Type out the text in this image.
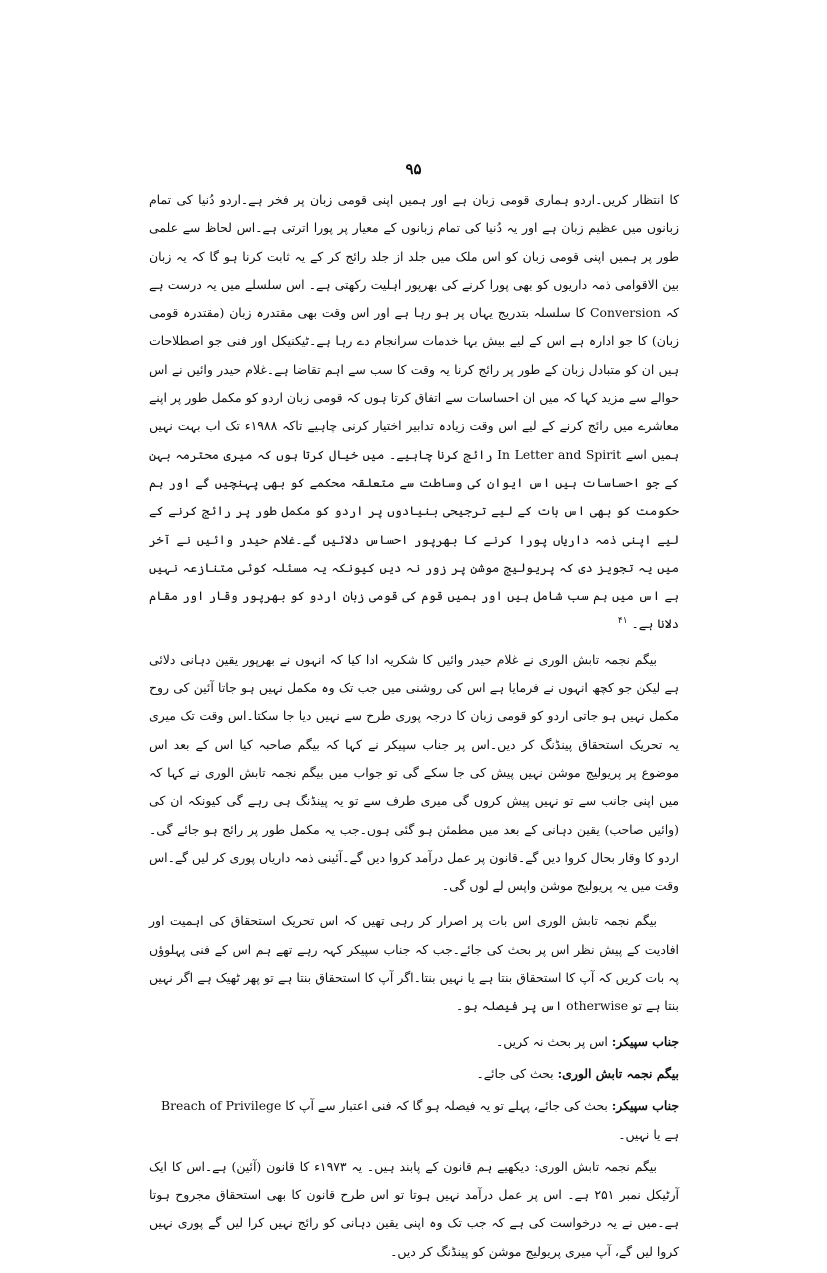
۹۵

کا انتظار کریں۔اردو ہماری قومی زبان ہے اور ہمیں اپنی قومی زبان پر فخر ہے۔اردو دُنیا کی تمام زبانوں میں عظیم زبان ہے اور یہ دُنیا کی تمام زبانوں کے معیار پر پورا اترتی ہے۔اس لحاظ سے علمی طور پر ہمیں اپنی قومی زبان کو اس ملک میں جلد از جلد رائج کر کے یہ ثابت کرنا ہو گا کہ یہ زبان بین الاقوامی ذمہ داریوں کو بھی پورا کرنے کی بھرپور اہلیت رکھتی ہے۔ اس سلسلے میں یہ درست ہے کہ Conversion کا سلسلہ بتدریج یہاں پر ہو رہا ہے اور اس وقت بھی مقتدرہ زبان (مقتدرہ قومی زبان) کا جو ادارہ ہے اس کے لیے بیش بہا خدمات سرانجام دے رہا ہے۔ٹیکنیکل اور فنی جو اصطلاحات ہیں ان کو متبادل زبان کے طور پر رائج کرنا یہ وقت کا سب سے اہم تقاضا ہے۔غلام حیدر وائیں نے اس حوالے سے مزید کہا کہ میں ان احساسات سے اتفاق کرتا ہوں کہ قومی زبان اردو کو مکمل طور پر اپنے معاشرے میں رائج کرنے کے لیے اس وقت زیادہ تدابیر اختیار کرنی چاہیے تاکہ ۱۹۸۸ء تک اب بہت نہیں ہمیں اسے In Letter and Spirit رائج کرنا چاہیے۔ میں خیال کرتا ہوں کہ میری محترمہ بہن کے جو احساسات ہیں اس ایوان کی وساطت سے متعلقہ محکمے کو بھی پہنچیں گے اور ہم حکومت کو بھی اس بات کے لیے ترجیحی بنیادوں پر اردو کو مکمل طور پر رائج کرنے کے لیے اپنی ذمہ داریاں پورا کرنے کا بھرپور احساس دلائیں گے۔غلام حیدر وائیں نے آخر میں یہ تجویز دی کہ پریولیج موشن پر زور نہ دیں کیونکہ یہ مسئلہ کوئی متنازعہ نہیں ہے اس میں ہم سب شامل ہیں اور ہمیں قوم کی قومی زبان اردو کو بھرپور وقار اور مقام دلانا ہے۔ $^{۴۱}$

بیگم نجمہ تابش الوری نے غلام حیدر وائیں کا شکریہ ادا کیا کہ انہوں نے بھرپور یقین دہانی دلائی ہے لیکن جو کچھ انہوں نے فرمایا ہے اس کی روشنی میں جب تک وہ مکمل نہیں ہو جاتا آئین کی روح مکمل نہیں ہو جاتی اردو کو قومی زبان کا درجہ پوری طرح سے نہیں دیا جا سکتا۔اس وقت تک میری یہ تحریک استحقاق پینڈنگ کر دیں۔اس پر جناب سپیکر نے کہا کہ بیگم صاحبہ کیا اس کے بعد اس موضوع پر پریولیج موشن نہیں پیش کی جا سکے گی تو جواب میں بیگم نجمہ تابش الوری نے کہا کہ میں اپنی جانب سے تو نہیں پیش کروں گی میری طرف سے تو یہ پینڈنگ ہی رہے گی کیونکہ ان کی (وائیں صاحب) یقین دہانی کے بعد میں مطمئن ہو گئی ہوں۔جب یہ مکمل طور پر رائج ہو جائے گی۔اردو کا وقار بحال کروا دیں گے۔قانون پر عمل درآمد کروا دیں گے۔آئینی ذمہ داریاں پوری کر لیں گے۔اس وقت میں یہ پریولیج موشن واپس لے لوں گی۔

بیگم نجمہ تابش الوری اس بات پر اصرار کر رہی تھیں کہ اس تحریک استحقاق کی اہمیت اور افادیت کے پیش نظر اس پر بحث کی جائے۔جب کہ جناب سپیکر کہہ رہے تھے ہم اس کے فنی پہلوؤں پہ بات کریں کہ آپ کا استحقاق بنتا ہے یا نہیں بنتا۔اگر آپ کا استحقاق بنتا ہے تو پھر ٹھیک ہے اگر نہیں بنتا ہے تو otherwise اس پر فیصلہ ہو۔

جناب سپیکر: اس پر بحث نہ کریں۔
بیگم نجمہ تابش الوری: بحث کی جائے۔
جناب سپیکر: بحث کی جائے، پہلے تو یہ فیصلہ ہو گا کہ فنی اعتبار سے آپ کا Breach of Privilege ہے یا نہیں۔

بیگم نجمہ تابش الوری: دیکھیے ہم قانون کے پابند ہیں۔ یہ ۱۹۷۳ء کا قانون (آئین) ہے۔اس کا ایک آرٹیکل نمبر ۲۵۱ ہے۔ اس پر عمل درآمد نہیں ہوتا تو اس طرح قانون کا بھی استحقاق مجروح ہوتا ہے۔میں نے یہ درخواست کی ہے کہ جب تک وہ اپنی یقین دہانی کو رائج نہیں کرا لیں گے پوری نہیں کروا لیں گے، آپ میری پریولیج موشن کو پینڈنگ کر دیں۔
